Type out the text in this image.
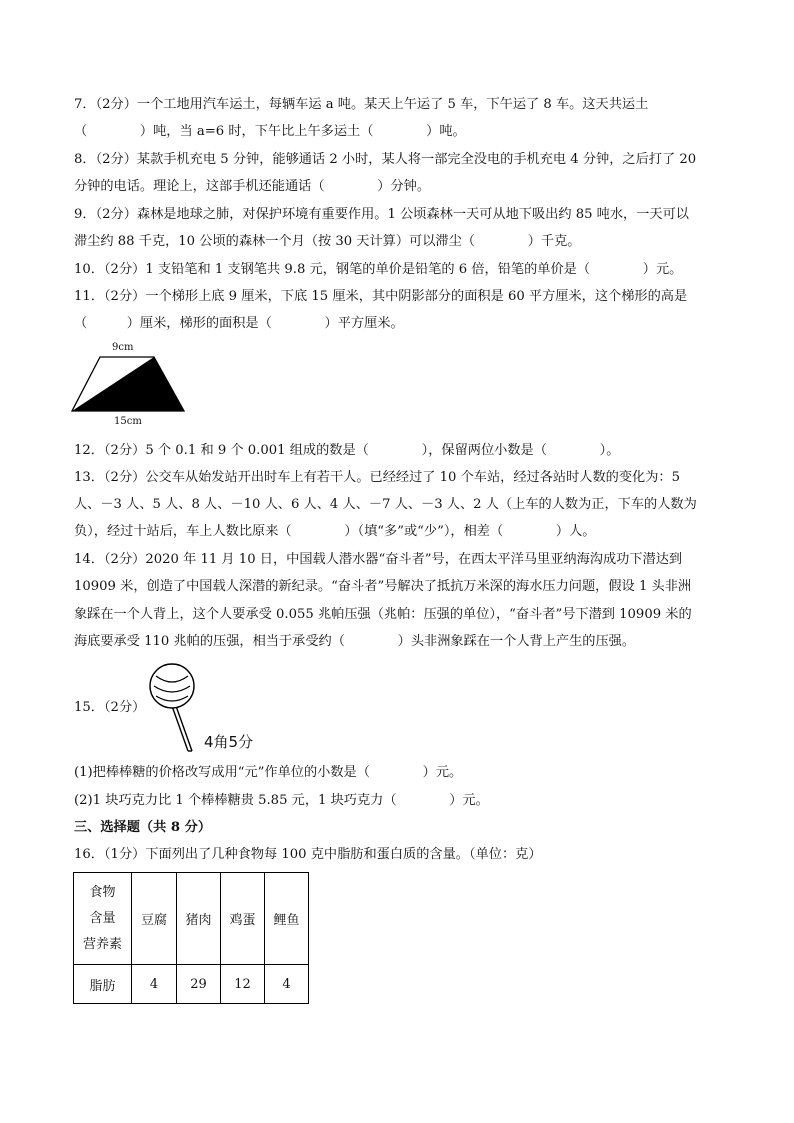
7．（2分）一个工地用汽车运土，每辆车运 a 吨。某天上午运了 5 车，下午运了 8 车。这天共运土
（　　　　）吨，当 a=6 时，下午比上午多运土（　　　　）吨。
8．（2分）某款手机充电 5 分钟，能够通话 2 小时，某人将一部完全没电的手机充电 4 分钟，之后打了 20
分钟的电话。理论上，这部手机还能通话（　　　　）分钟。
9．（2分）森林是地球之肺，对保护环境有重要作用。1 公顷森林一天可从地下吸出约 85 吨水，一天可以
滞尘约 88 千克，10 公顷的森林一个月（按 30 天计算）可以滞尘（　　　　）千克。
10．（2分）1 支铅笔和 1 支钢笔共 9.8 元，钢笔的单价是铅笔的 6 倍，铅笔的单价是（　　　　）元。
11．（2分）一个梯形上底 9 厘米，下底 15 厘米，其中阴影部分的面积是 60 平方厘米，这个梯形的高是
（　　　）厘米，梯形的面积是（　　　　）平方厘米。
9cm
15cm
12．（2分）5 个 0.1 和 9 个 0.001 组成的数是（　　　　），保留两位小数是（　　　　）。
13．（2分）公交车从始发站开出时车上有若干人。已经经过了 10 个车站，经过各站时人数的变化为：5
人、－3 人、5 人、8 人、－10 人、6 人、4 人、－7 人、－3 人、2 人（上车的人数为正，下车的人数为
负），经过十站后，车上人数比原来（　　　　）（填“多”或“少”），相差（　　　　）人。
14．（2分）2020 年 11 月 10 日，中国载人潜水器“奋斗者”号，在西太平洋马里亚纳海沟成功下潜达到
10909 米，创造了中国载人深潜的新纪录。“奋斗者”号解决了抵抗万米深的海水压力问题，假设 1 头非洲
象踩在一个人背上，这个人要承受 0.055 兆帕压强（兆帕：压强的单位），“奋斗者”号下潜到 10909 米的
海底要承受 110 兆帕的压强，相当于承受约（　　　　）头非洲象踩在一个人背上产生的压强。
15．（2分）
4角5分
(1)把棒棒糖的价格改写成用“元”作单位的小数是（　　　　）元。
(2)1 块巧克力比 1 个棒棒糖贵 5.85 元，1 块巧克力（　　　　）元。
三、选择题（共 8 分）
16．（1分）下面列出了几种食物每 100 克中脂肪和蛋白质的含量。（单位：克）
食物
含量
营养素	豆腐	猪肉	鸡蛋	鲤鱼
脂肪	4	29	12	4
